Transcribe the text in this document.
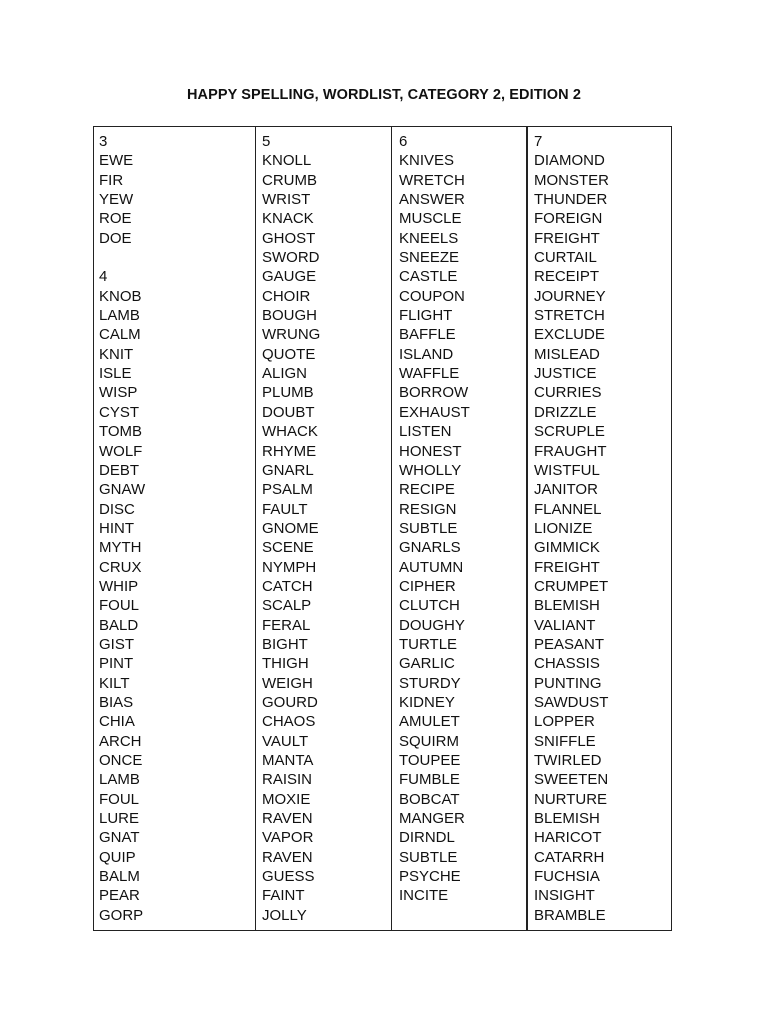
HAPPY SPELLING, WORDLIST, CATEGORY 2, EDITION 2
3
EWE
FIR
YEW
ROE
DOE
4
KNOB
LAMB
CALM
KNIT
ISLE
WISP
CYST
TOMB
WOLF
DEBT
GNAW
DISC
HINT
MYTH
CRUX
WHIP
FOUL
BALD
GIST
PINT
KILT
BIAS
CHIA
ARCH
ONCE
LAMB
FOUL
LURE
GNAT
QUIP
BALM
PEAR
GORP
5
KNOLL
CRUMB
WRIST
KNACK
GHOST
SWORD
GAUGE
CHOIR
BOUGH
WRUNG
QUOTE
ALIGN
PLUMB
DOUBT
WHACK
RHYME
GNARL
PSALM
FAULT
GNOME
SCENE
NYMPH
CATCH
SCALP
FERAL
BIGHT
THIGH
WEIGH
GOURD
CHAOS
VAULT
MANTA
RAISIN
MOXIE
RAVEN
VAPOR
RAVEN
GUESS
FAINT
JOLLY
6
KNIVES
WRETCH
ANSWER
MUSCLE
KNEELS
SNEEZE
CASTLE
COUPON
FLIGHT
BAFFLE
ISLAND
WAFFLE
BORROW
EXHAUST
LISTEN
HONEST
WHOLLY
RECIPE
RESIGN
SUBTLE
GNARLS
AUTUMN
CIPHER
CLUTCH
DOUGHY
TURTLE
GARLIC
STURDY
KIDNEY
AMULET
SQUIRM
TOUPEE
FUMBLE
BOBCAT
MANGER
DIRNDL
SUBTLE
PSYCHE
INCITE
7
DIAMOND
MONSTER
THUNDER
FOREIGN
FREIGHT
CURTAIL
RECEIPT
JOURNEY
STRETCH
EXCLUDE
MISLEAD
JUSTICE
CURRIES
DRIZZLE
SCRUPLE
FRAUGHT
WISTFUL
JANITOR
FLANNEL
LIONIZE
GIMMICK
FREIGHT
CRUMPET
BLEMISH
VALIANT
PEASANT
CHASSIS
PUNTING
SAWDUST
LOPPER
SNIFFLE
TWIRLED
SWEETEN
NURTURE
BLEMISH
HARICOT
CATARRH
FUCHSIA
INSIGHT
BRAMBLE
